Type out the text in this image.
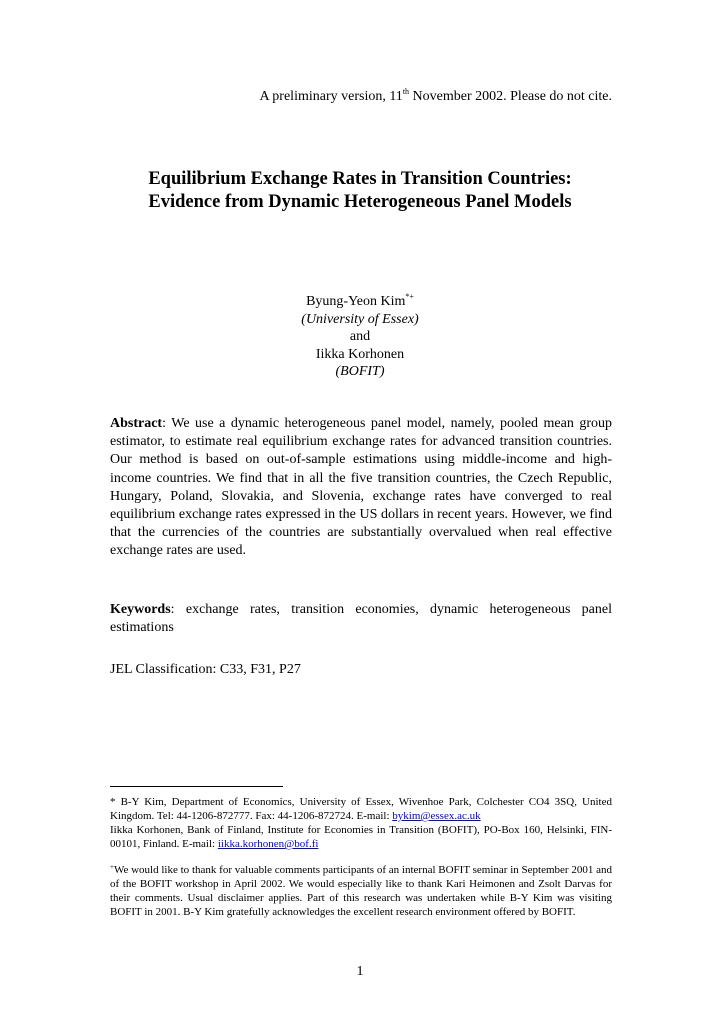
A preliminary version, 11th November 2002. Please do not cite.
Equilibrium Exchange Rates in Transition Countries:
Evidence from Dynamic Heterogeneous Panel Models
Byung-Yeon Kim*+
(University of Essex)
and
Iikka Korhonen
(BOFIT)
Abstract: We use a dynamic heterogeneous panel model, namely, pooled mean group estimator, to estimate real equilibrium exchange rates for advanced transition countries. Our method is based on out-of-sample estimations using middle-income and high-income countries. We find that in all the five transition countries, the Czech Republic, Hungary, Poland, Slovakia, and Slovenia, exchange rates have converged to real equilibrium exchange rates expressed in the US dollars in recent years. However, we find that the currencies of the countries are substantially overvalued when real effective exchange rates are used.
Keywords: exchange rates, transition economies, dynamic heterogeneous panel estimations
JEL Classification: C33, F31, P27

* B-Y Kim, Department of Economics, University of Essex, Wivenhoe Park, Colchester CO4 3SQ, United Kingdom. Tel: 44-1206-872777. Fax: 44-1206-872724. E-mail: bykim@essex.ac.uk

Iikka Korhonen, Bank of Finland, Institute for Economies in Transition (BOFIT), PO-Box 160, Helsinki, FIN-00101, Finland. E-mail: iikka.korhonen@bof.fi

+We would like to thank for valuable comments participants of an internal BOFIT seminar in September 2001 and of the BOFIT workshop in April 2002. We would especially like to thank Kari Heimonen and Zsolt Darvas for their comments. Usual disclaimer applies. Part of this research was undertaken while B-Y Kim was visiting BOFIT in 2001. B-Y Kim gratefully acknowledges the excellent research environment offered by BOFIT.

1
